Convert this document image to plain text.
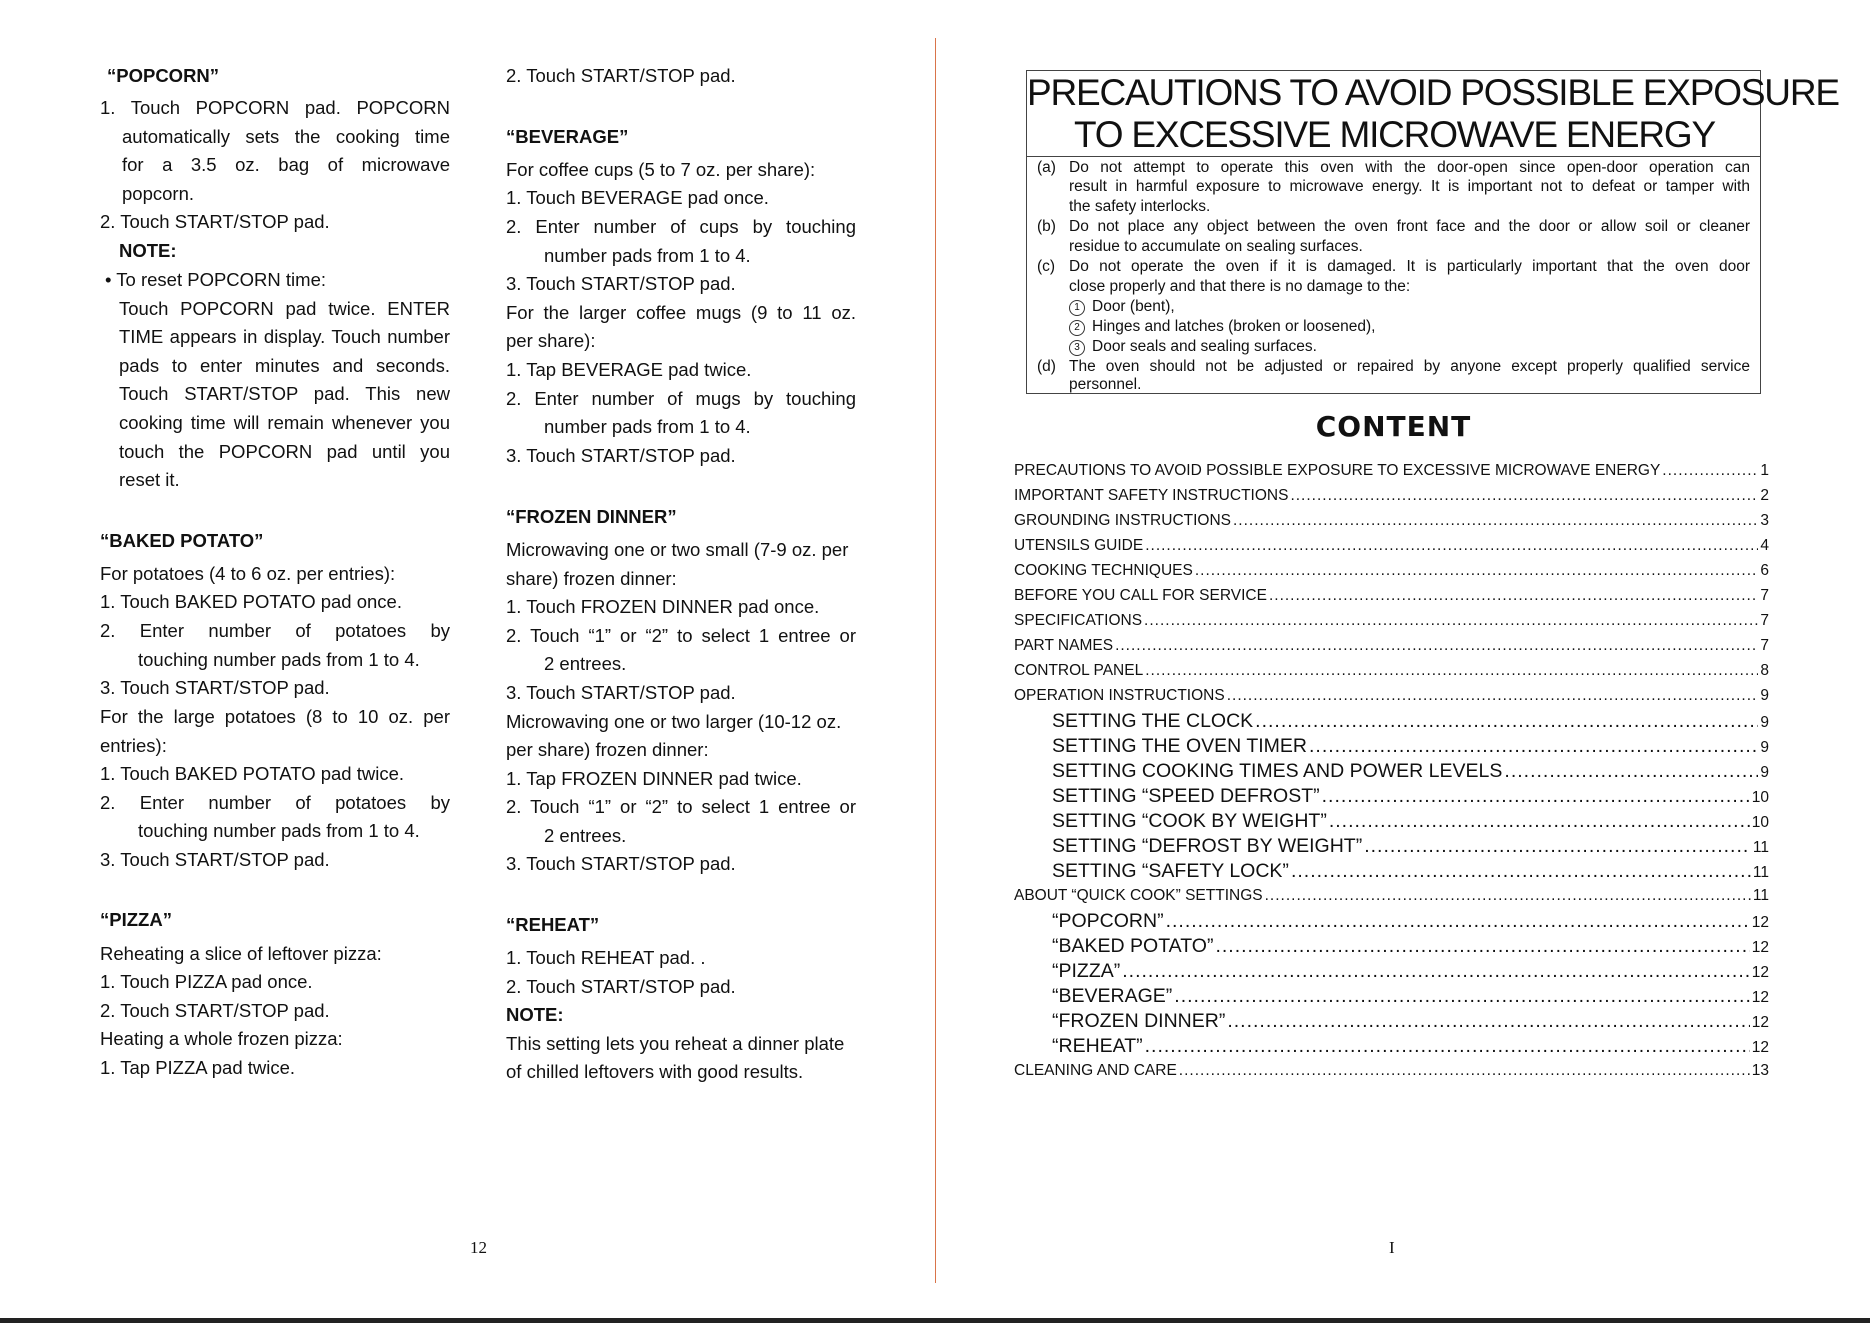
“POPCORN”
1. Touch POPCORN pad. POPCORN
automatically sets the cooking time
for a 3.5 oz. bag of microwave
popcorn.
2. Touch START/STOP pad.
NOTE:
• To reset POPCORN time:
Touch POPCORN pad twice. ENTER
TIME appears in display. Touch number
pads to enter minutes and seconds.
Touch START/STOP pad. This new
cooking time will remain whenever you
touch the POPCORN pad until you
reset it.
“BAKED POTATO”
For potatoes (4 to 6 oz. per entries):
1. Touch BAKED POTATO pad once.
2. Enter number of potatoes by
touching number pads from 1 to 4.
3. Touch START/STOP pad.
For the large potatoes (8 to 10 oz. per
entries):
1. Touch BAKED POTATO pad twice.
2. Enter number of potatoes by
touching number pads from 1 to 4.
3. Touch START/STOP pad.
“PIZZA”
Reheating a slice of leftover pizza:
1. Touch PIZZA pad once.
2. Touch START/STOP pad.
Heating a whole frozen pizza:
1. Tap PIZZA pad twice.
2. Touch START/STOP pad.
“BEVERAGE”
For coffee cups (5 to 7 oz. per share):
1. Touch BEVERAGE pad once.
2. Enter number of cups by touching
number pads from 1 to 4.
3. Touch START/STOP pad.
For the larger coffee mugs (9 to 11 oz.
per share):
1. Tap BEVERAGE pad twice.
2. Enter number of mugs by touching
number pads from 1 to 4.
3. Touch START/STOP pad.
“FROZEN DINNER”
Microwaving one or two small (7-9 oz. per
share) frozen dinner:
1. Touch FROZEN DINNER pad once.
2. Touch “1” or “2” to select 1 entree or
2 entrees.
3. Touch START/STOP pad.
Microwaving one or two larger (10-12 oz.
per share) frozen dinner:
1. Tap FROZEN DINNER pad twice.
2. Touch “1” or “2” to select 1 entree or
2 entrees.
3. Touch START/STOP pad.
“REHEAT”
1. Touch REHEAT pad. .
2. Touch START/STOP pad.
NOTE:
This setting lets you reheat a dinner plate
of chilled leftovers with good results.
12
PRECAUTIONS TO AVOID POSSIBLE EXPOSURE
TO EXCESSIVE MICROWAVE ENERGY
(a) Do not attempt to operate this oven with the door-open since open-door operation can
result in harmful exposure to microwave energy. It is important not to defeat or tamper with
the safety interlocks.
(b) Do not place any object between the oven front face and the door or allow soil or cleaner
residue to accumulate on sealing surfaces.
(c) Do not operate the oven if it is damaged. It is particularly important that the oven door
close properly and that there is no damage to the:
1 Door (bent),
2 Hinges and latches (broken or loosened),
3 Door seals and sealing surfaces.
(d) The oven should not be adjusted or repaired by anyone except properly qualified service
personnel.
CONTENT
PRECAUTIONS TO AVOID POSSIBLE EXPOSURE TO EXCESSIVE MICROWAVE ENERGY .....	1
IMPORTANT SAFETY INSTRUCTIONS .....	2
GROUNDING INSTRUCTIONS .....	3
UTENSILS GUIDE .....	4
COOKING TECHNIQUES .....	6
BEFORE YOU CALL FOR SERVICE .....	7
SPECIFICATIONS .....	7
PART NAMES .....	7
CONTROL PANEL .....	8
OPERATION INSTRUCTIONS .....	9
SETTING THE CLOCK .....	9
SETTING THE OVEN TIMER .....	9
SETTING COOKING TIMES AND POWER LEVELS .....	9
SETTING “SPEED DEFROST” .....	10
SETTING “COOK BY WEIGHT” .....	10
SETTING “DEFROST BY WEIGHT” .....	11
SETTING “SAFETY LOCK” .....	11
ABOUT “QUICK COOK” SETTINGS .....	11
“POPCORN” .....	12
“BAKED POTATO” .....	12
“PIZZA” .....	12
“BEVERAGE” .....	12
“FROZEN DINNER” .....	12
“REHEAT” .....	12
CLEANING AND CARE .....	13
I
